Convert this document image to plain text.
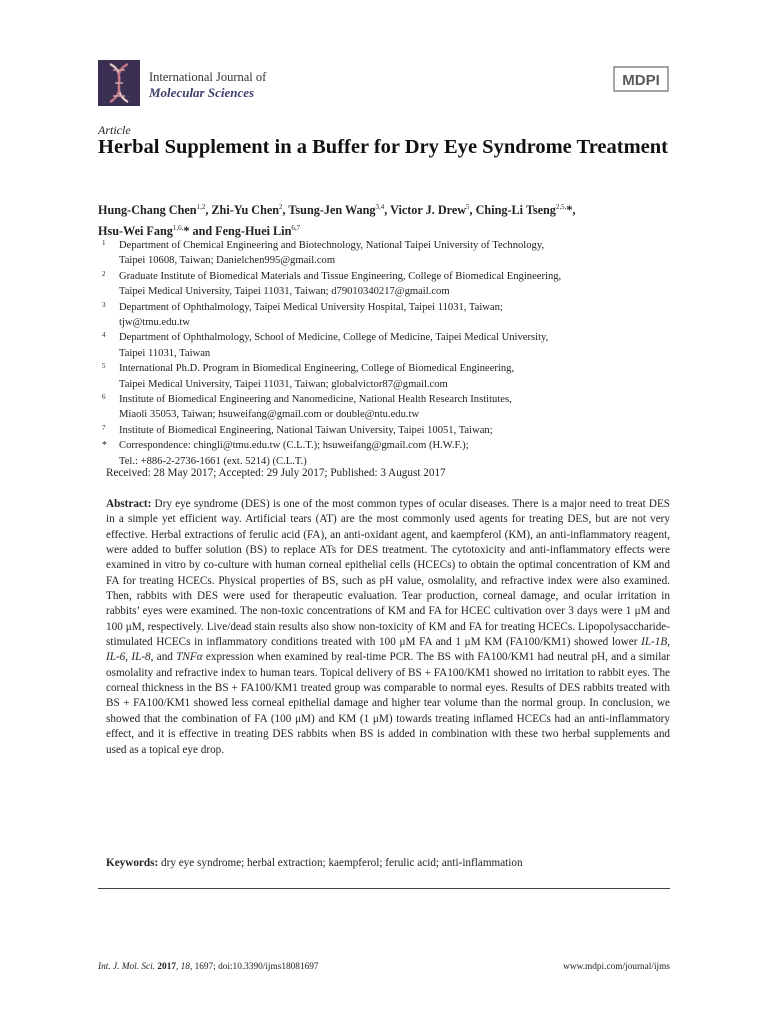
International Journal of
Molecular Sciences
MDPI
Article
Herbal Supplement in a Buffer for Dry Eye Syndrome Treatment
Hung-Chang Chen$^{1,2}$, Zhi-Yu Chen$^2$, Tsung-Jen Wang$^{3,4}$, Victor J. Drew$^5$, Ching-Li Tseng$^{2,5,}$*,
Hsu-Wei Fang$^{1,6,}$* and Feng-Huei Lin$^{6,7}$
1 Department of Chemical Engineering and Biotechnology, National Taipei University of Technology,
Taipei 10608, Taiwan; Danielchen995@gmail.com
2 Graduate Institute of Biomedical Materials and Tissue Engineering, College of Biomedical Engineering,
Taipei Medical University, Taipei 11031, Taiwan; d79010340217@gmail.com
3 Department of Ophthalmology, Taipei Medical University Hospital, Taipei 11031, Taiwan;
tjw@tmu.edu.tw
4 Department of Ophthalmology, School of Medicine, College of Medicine, Taipei Medical University,
Taipei 11031, Taiwan
5 International Ph.D. Program in Biomedical Engineering, College of Biomedical Engineering,
Taipei Medical University, Taipei 11031, Taiwan; globalvictor87@gmail.com
6 Institute of Biomedical Engineering and Nanomedicine, National Health Research Institutes,
Miaoli 35053, Taiwan; hsuweifang@gmail.com or double@ntu.edu.tw
7 Institute of Biomedical Engineering, National Taiwan University, Taipei 10051, Taiwan;
* Correspondence: chingli@tmu.edu.tw (C.L.T.); hsuweifang@gmail.com (H.W.F.);
Tel.: +886-2-2736-1661 (ext. 5214) (C.L.T.)
Received: 28 May 2017; Accepted: 29 July 2017; Published: 3 August 2017
Abstract: Dry eye syndrome (DES) is one of the most common types of ocular diseases. There is a major need to treat DES in a simple yet efficient way. Artificial tears (AT) are the most commonly used agents for treating DES, but are not very effective. Herbal extractions of ferulic acid (FA), an anti-oxidant agent, and kaempferol (KM), an anti-inflammatory reagent, were added to buffer solution (BS) to replace ATs for DES treatment. The cytotoxicity and anti-inflammatory effects were examined in vitro by co-culture with human corneal epithelial cells (HCECs) to obtain the optimal concentration of KM and FA for treating HCECs. Physical properties of BS, such as pH value, osmolality, and refractive index were also examined. Then, rabbits with DES were used for therapeutic evaluation. Tear production, corneal damage, and ocular irritation in rabbits’ eyes were examined. The non-toxic concentrations of KM and FA for HCEC cultivation over 3 days were 1 μM and 100 μM, respectively. Live/dead stain results also show non-toxicity of KM and FA for treating HCECs. Lipopolysaccharide-stimulated HCECs in inflammatory conditions treated with 100 μM FA and 1 μM KM (FA100/KM1) showed lower IL-1B, IL-6, IL-8, and TNFα expression when examined by real-time PCR. The BS with FA100/KM1 had neutral pH, and a similar osmolality and refractive index to human tears. Topical delivery of BS + FA100/KM1 showed no irritation to rabbit eyes. The corneal thickness in the BS + FA100/KM1 treated group was comparable to normal eyes. Results of DES rabbits treated with BS + FA100/KM1 showed less corneal epithelial damage and higher tear volume than the normal group. In conclusion, we showed that the combination of FA (100 μM) and KM (1 μM) towards treating inflamed HCECs had an anti-inflammatory effect, and it is effective in treating DES rabbits when BS is added in combination with these two herbal supplements and used as a topical eye drop.
Keywords: dry eye syndrome; herbal extraction; kaempferol; ferulic acid; anti-inflammation
Int. J. Mol. Sci. 2017, 18, 1697; doi:10.3390/ijms18081697	www.mdpi.com/journal/ijms
